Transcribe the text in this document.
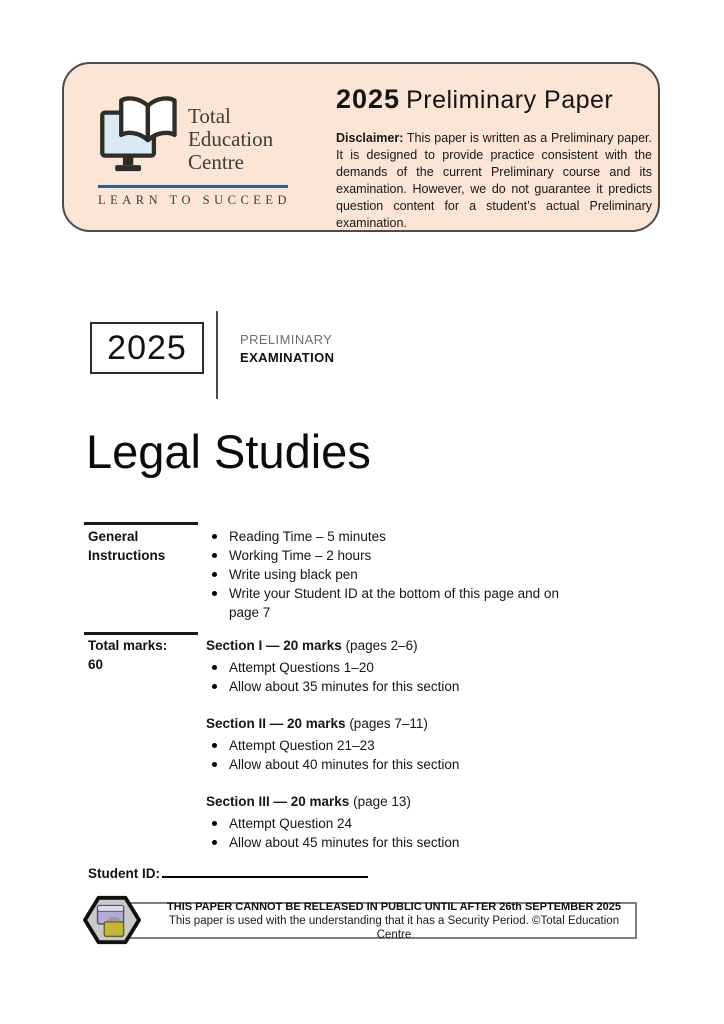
Total
Education
Centre
LEARN TO SUCCEED
2025 Preliminary Paper
Disclaimer: This paper is written as a Preliminary paper. It is designed to provide practice consistent with the demands of the current Preliminary course and its examination. However, we do not guarantee it predicts question content for a student’s actual Preliminary examination.
2025	PRELIMINARY
EXAMINATION
Legal Studies
General
Instructions
Reading Time – 5 minutes
Working Time – 2 hours
Write using black pen
Write your Student ID at the bottom of this page and on page 7
Total marks:
60
Section I — 20 marks (pages 2–6)
Attempt Questions 1–20
Allow about 35 minutes for this section
Section II — 20 marks (pages 7–11)
Attempt Question 21–23
Allow about 40 minutes for this section
Section III — 20 marks (page 13)
Attempt Question 24
Allow about 45 minutes for this section
Student ID:
THIS PAPER CANNOT BE RELEASED IN PUBLIC UNTIL AFTER 26th SEPTEMBER 2025
This paper is used with the understanding that it has a Security Period. ©Total Education Centre
